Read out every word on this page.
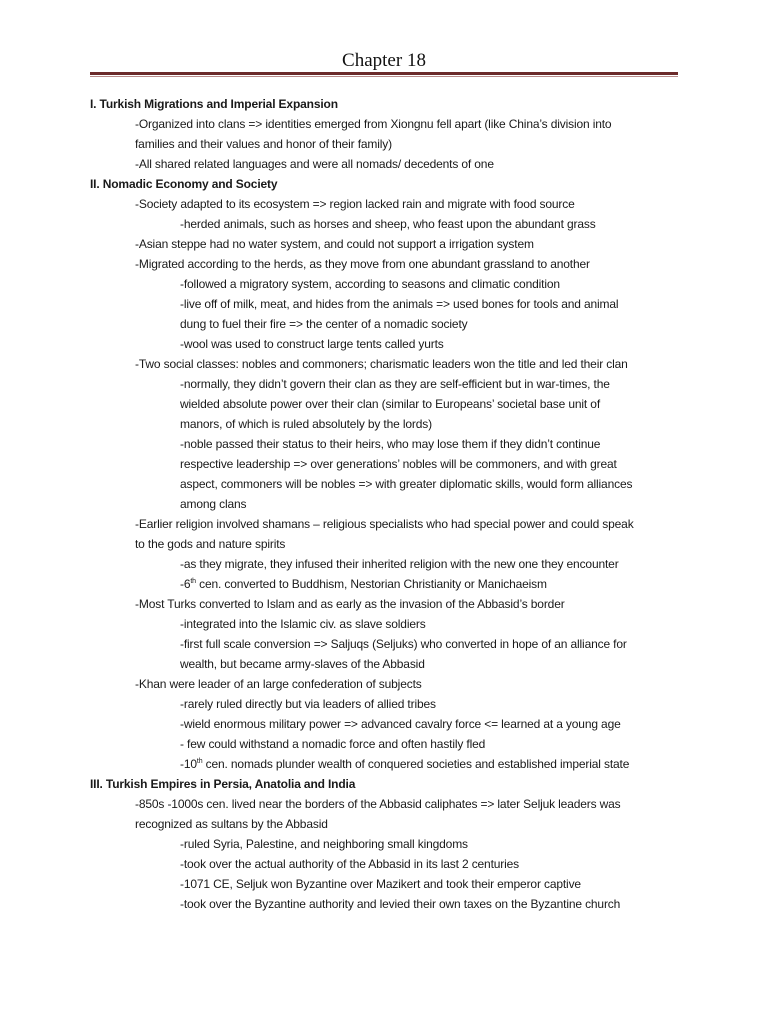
Chapter 18
I. Turkish Migrations and Imperial Expansion
-Organized into clans => identities emerged from Xiongnu fell apart (like China’s division into
families and their values and honor of their family)
-All shared related languages and were all nomads/ decedents of one
II. Nomadic Economy and Society
-Society adapted to its ecosystem => region lacked rain and migrate with food source
-herded animals, such as horses and sheep, who feast upon the abundant grass
-Asian steppe had no water system, and could not support a irrigation system
-Migrated according to the herds, as they move from one abundant grassland to another
-followed a migratory system, according to seasons and climatic condition
-live off of milk, meat, and hides from the animals => used bones for tools and animal
dung to fuel their fire => the center of a nomadic society
-wool was used to construct large tents called yurts
-Two social classes: nobles and commoners; charismatic leaders won the title and led their clan
-normally, they didn’t govern their clan as they are self-efficient but in war-times, the
wielded absolute power over their clan (similar to Europeans’ societal base unit of
manors, of which is ruled absolutely by the lords)
-noble passed their status to their heirs, who may lose them if they didn’t continue
respective leadership => over generations’ nobles will be commoners, and with great
aspect, commoners will be nobles => with greater diplomatic skills, would form alliances
among clans
-Earlier religion involved shamans – religious specialists who had special power and could speak
to the gods and nature spirits
-as they migrate, they infused their inherited religion with the new one they encounter
-6th cen. converted to Buddhism, Nestorian Christianity or Manichaeism
-Most Turks converted to Islam and as early as the invasion of the Abbasid’s border
-integrated into the Islamic civ. as slave soldiers
-first full scale conversion => Saljuqs (Seljuks) who converted in hope of an alliance for
wealth, but became army-slaves of the Abbasid
-Khan were leader of an large confederation of subjects
-rarely ruled directly but via leaders of allied tribes
-wield enormous military power => advanced cavalry force <= learned at a young age
- few could withstand a nomadic force and often hastily fled
-10th cen. nomads plunder wealth of conquered societies and established imperial state
III. Turkish Empires in Persia, Anatolia and India
-850s -1000s cen. lived near the borders of the Abbasid caliphates => later Seljuk leaders was
recognized as sultans by the Abbasid
-ruled Syria, Palestine, and neighboring small kingdoms
-took over the actual authority of the Abbasid in its last 2 centuries
-1071 CE, Seljuk won Byzantine over Mazikert and took their emperor captive
-took over the Byzantine authority and levied their own taxes on the Byzantine church
